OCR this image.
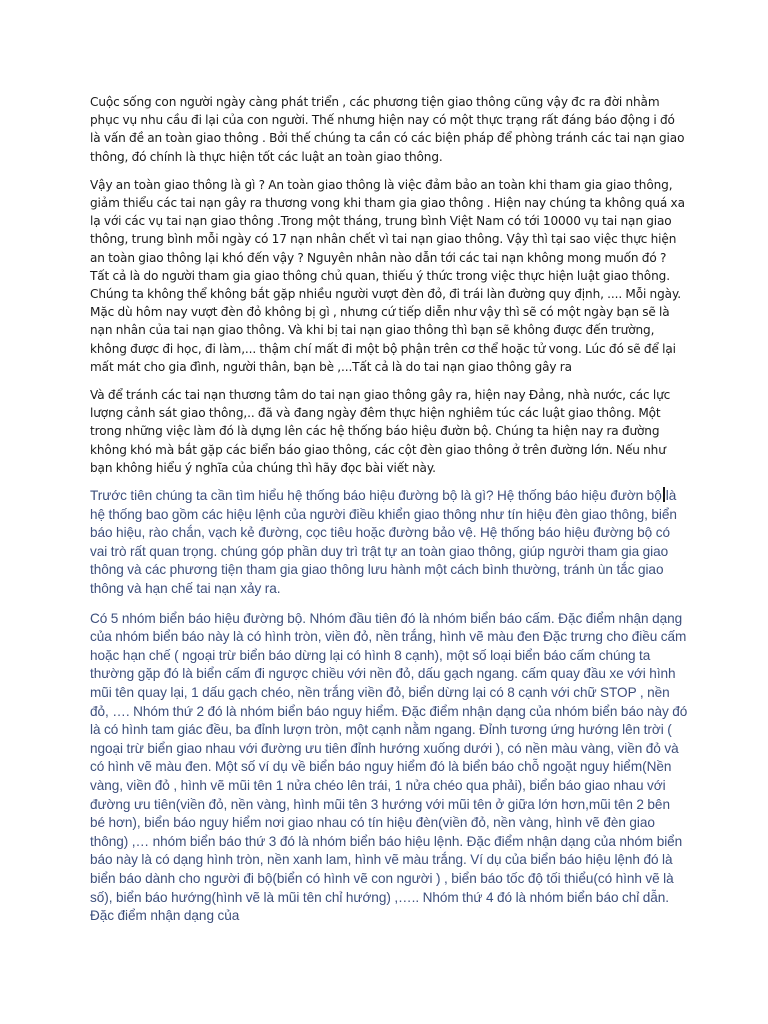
Cuộc sống con người ngày càng phát triển , các phương tiện giao thông cũng vậy đc ra đời nhằm phục vụ nhu cầu đi lại của con người. Thế nhưng hiện nay có một thực trạng rất đáng báo động i đó là vấn đề an toàn giao thông . Bởi thế chúng ta cần có các biện pháp để phòng tránh các tai nạn giao thông, đó chính là thực hiện tốt các luật an toàn giao thông.

Vậy an toàn giao thông là gì ? An toàn giao thông là việc đảm bảo an toàn khi tham gia giao thông, giảm thiểu các tai nạn gây ra thương vong khi tham gia giao thông . Hiện nay chúng ta không quá xa lạ với các vụ tai nạn giao thông .Trong một tháng, trung bình Việt Nam có tới 10000 vụ tai nạn giao thông, trung bình mỗi ngày có 17 nạn nhân chết vì tai nạn giao thông. Vậy thì tại sao việc thực hiện an toàn giao thông lại khó đến vậy ? Nguyên nhân nào dẫn tới các tai nạn không mong muốn đó ? Tất cả là do người tham gia giao thông chủ quan, thiếu ý thức trong việc thực hiện luật giao thông. Chúng ta không thể không bắt gặp nhiều người vượt đèn đỏ, đi trái làn đường quy định, .... Mỗi ngày. Mặc dù hôm nay vượt đèn đỏ không bị gì , nhưng cứ tiếp diễn như vậy thì sẽ có một ngày bạn sẽ là nạn nhân của tai nạn giao thông. Và khi bị tai nạn giao thông thì bạn sẽ không được đến trường, không được đi học, đi làm,... thậm chí mất đi một bộ phận trên cơ thể hoặc tử vong. Lúc đó sẽ để lại mất mát cho gia đình, người thân, bạn bè ,...Tất cả là do tai nạn giao thông gây ra

Và để tránh các tai nạn thương tâm do tai nạn giao thông gây ra, hiện nay Đảng, nhà nước, các lực lượng cảnh sát giao thông,.. đã và đang ngày đêm thực hiện nghiêm túc các luật giao thông. Một trong những việc làm đó là dựng lên các hệ thống báo hiệu đườn bộ. Chúng ta hiện nay ra đường không khó mà bắt gặp các biển báo giao thông, các cột đèn giao thông ở trên đường lớn. Nếu như bạn không hiểu ý nghĩa của chúng thì hãy đọc bài viết này.

Trước tiên chúng ta cần tìm hiểu hệ thống báo hiệu đường bộ là gì? Hệ thống báo hiệu đườn bộ là hệ thống bao gồm các hiệu lệnh của người điều khiển giao thông như tín hiệu đèn giao thông, biển báo hiệu, rào chắn, vạch kẻ đường, cọc tiêu hoặc đường bảo vệ. Hệ thống báo hiệu đường bộ có vai trò rất quan trọng. chúng góp phần duy trì trật tự an toàn giao thông, giúp người tham gia giao thông và các phương tiện tham gia giao thông lưu hành một cách bình thường, tránh ùn tắc giao thông và hạn chế tai nạn xảy ra.

Có 5 nhóm biển báo hiệu đường bộ. Nhóm đầu tiên đó là nhóm biển báo cấm. Đặc điểm nhận dạng của nhóm biển báo này là có hình tròn, viền đỏ, nền trắng, hình vẽ màu đen Đặc trưng cho điều cấm hoặc hạn chế ( ngoại trừ biển báo dừng lại có hình 8 cạnh), một số loại biển báo cấm chúng ta thường gặp đó là biển cấm đi ngược chiều với nền đỏ, dấu gạch ngang. cấm quay đầu xe với hình mũi tên quay lại, 1 dấu gạch chéo, nền trắng viền đỏ, biển dừng lại có 8 cạnh với chữ STOP , nền đỏ, …. Nhóm thứ 2 đó là nhóm biển báo nguy hiểm. Đặc điểm nhận dạng của nhóm biển báo này đó là có hình tam giác đều, ba đỉnh lượn tròn, một cạnh nằm ngang. Đỉnh tương ứng hướng lên trời ( ngoại trừ biển giao nhau với đường ưu tiên đỉnh hướng xuống dưới ), có nền màu vàng, viền đỏ và có hình vẽ màu đen. Một số ví dụ về biển báo nguy hiểm đó là biển báo chỗ ngoặt nguy hiểm(Nền vàng, viền đỏ , hình vẽ mũi tên 1 nửa chéo lên trái, 1 nửa chéo qua phải), biển báo giao nhau với đường ưu tiên(viền đỏ, nền vàng, hình mũi tên 3 hướng với mũi tên ở giữa lớn hơn,mũi tên 2 bên bé hơn), biển báo nguy hiểm nơi giao nhau có tín hiệu đèn(viền đỏ, nền vàng, hình vẽ đèn giao thông) ,… nhóm biển báo thứ 3 đó là nhóm biển báo hiệu lệnh. Đặc điểm nhận dạng của nhóm biển báo này là có dạng hình tròn, nền xanh lam, hình vẽ màu trắng. Ví dụ của biển báo hiệu lệnh đó là biển báo dành cho người đi bộ(biển có hình vẽ con người ) , biển báo tốc độ tối thiểu(có hình vẽ là số), biển báo hướng(hình vẽ là mũi tên chỉ hướng) ,….. Nhóm thứ 4 đó là nhóm biển báo chỉ dẫn. Đặc điểm nhận dạng của
